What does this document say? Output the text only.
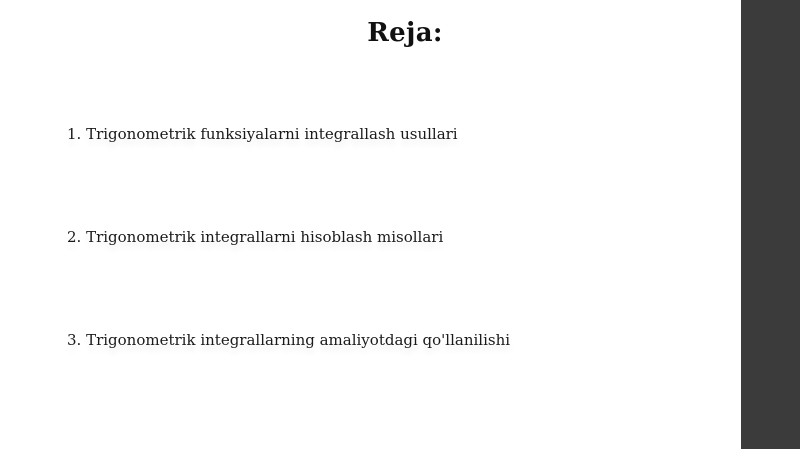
Reja:
1. Trigonometrik funksiyalarni integrallash usullari
2. Trigonometrik integrallarni hisoblash misollari
3. Trigonometrik integrallarning amaliyotdagi qo'llanilishi
